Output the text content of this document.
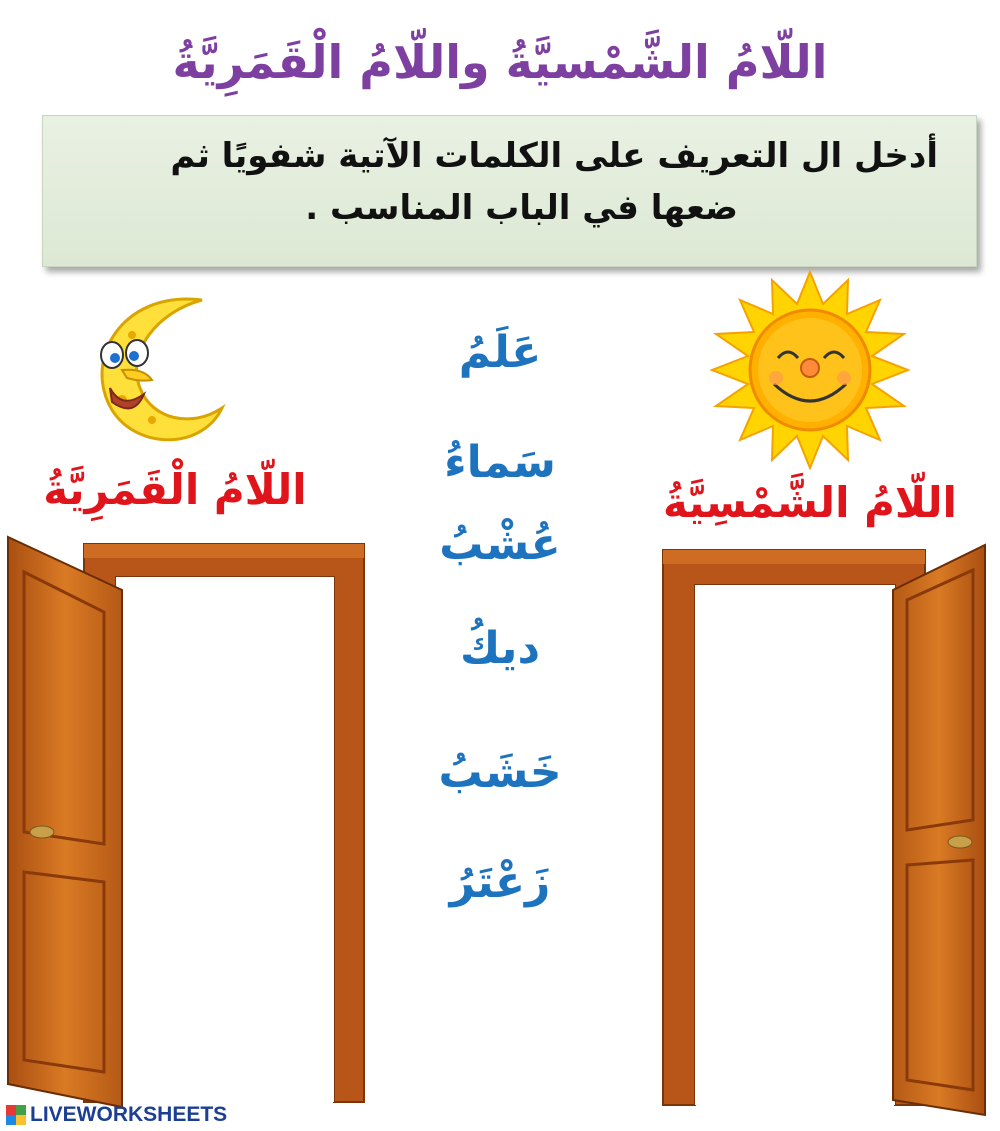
اللّامُ الشَّمْسيَّةُ واللّامُ الْقَمَرِيَّةُ
أدخل ال التعريف على الكلمات الآتية شفويًا ثم
ضعها في الباب المناسب .
اللّامُ الْقَمَرِيَّةُ	اللّامُ الشَّمْسِيَّةُ
عَلَمُ
سَماءُ
عُشْبُ
ديكُ
خَشَبُ
زَعْتَرُ
LIVEWORKSHEETS
